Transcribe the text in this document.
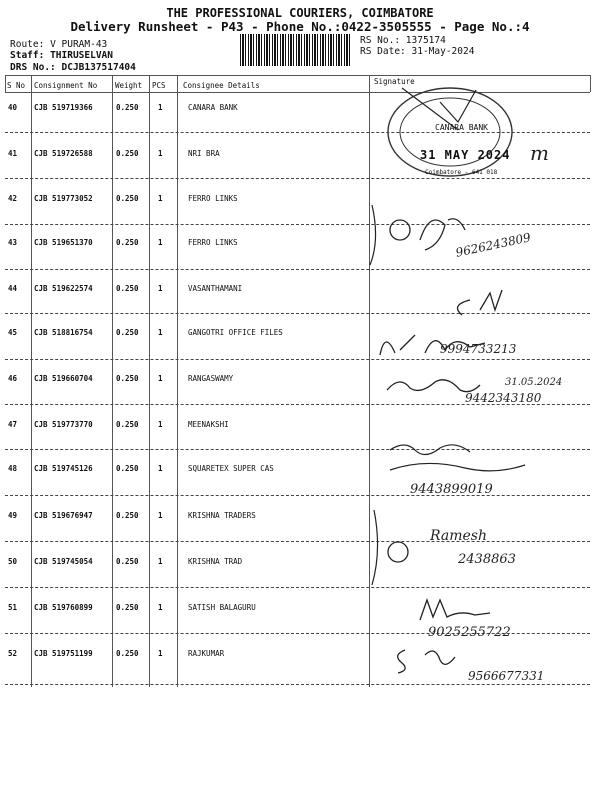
THE PROFESSIONAL COURIERS, COIMBATORE
Delivery Runsheet - P43 - Phone No.:0422-3505555 - Page No.:4
Route: V PURAM-43
Staff: THIRUSELVAN
DRS No.: DCJB137517404
RS No.: 1375174
RS Date: 31-May-2024
S No Consignment No Weight PCS Consignee Details	Signature
40 CJB 519719366	0.250	1	CANARA BANK
41 CJB 519726588	0.250	1	NRI BRA
42 CJB 519773052	0.250	1	FERRO LINKS
43 CJB 519651370	0.250	1	FERRO LINKS
44 CJB 519622574	0.250	1	VASANTHAMANI
45 CJB 518816754	0.250	1	GANGOTRI OFFICE FILES
46 CJB 519660704	0.250	1	RANGASWAMY
47 CJB 519773770	0.250	1	MEENAKSHI
48 CJB 519745126	0.250	1	SQUARETEX SUPER CAS
49 CJB 519676947	0.250	1	KRISHNA TRADERS
50 CJB 519745054	0.250	1	KRISHNA TRAD
51 CJB 519760899	0.250	1	SATISH BALAGURU
52 CJB 519751199	0.250	1	RAJKUMAR
m
CANARA BANK
31 MAY 2024
Coimbatore - 641 018
9626243809
9994733213
31.05.2024
9442343180
9443899019
Ramesh
2438863
9025255722
9566677331
